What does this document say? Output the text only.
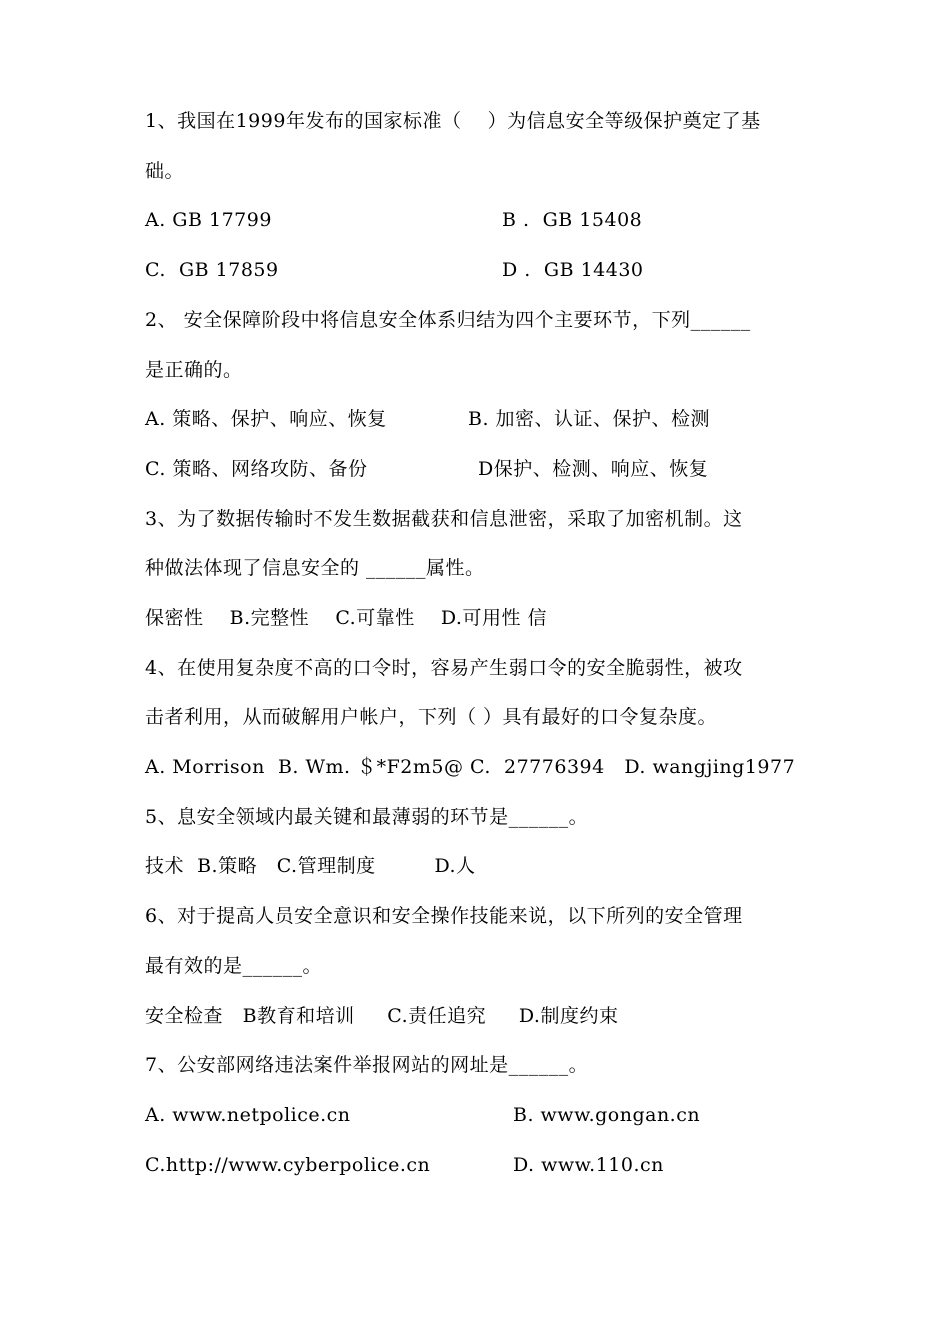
1、我国在1999年发布的国家标准（    ）为信息安全等级保护奠定了基
础。
A. GB 17799	B .  GB 15408
C.  GB 17859	D .  GB 14430
2、 安全保障阶段中将信息安全体系归结为四个主要环节，下列______
是正确的。
A. 策略、保护、响应、恢复	B. 加密、认证、保护、检测
C. 策略、网络攻防、备份	D保护、检测、响应、恢复
3、为了数据传输时不发生数据截获和信息泄密，采取了加密机制。这
种做法体现了信息安全的 ______属性。
保密性    B.完整性    C.可靠性    D.可用性 信
4、在使用复杂度不高的口令时，容易产生弱口令的安全脆弱性，被攻
击者利用，从而破解用户帐户，下列（ ）具有最好的口令复杂度。
A. Morrison  B. Wm. ＄*F2m5@ C.  27776394   D. wangjing1977
5、息安全领域内最关键和最薄弱的环节是______。
技术  B.策略   C.管理制度         D.人
6、对于提高人员安全意识和安全操作技能来说，以下所列的安全管理
最有效的是______。
安全检查   B教育和培训     C.责任追究     D.制度约束
7、公安部网络违法案件举报网站的网址是______。
A. www.netpolice.cn	B. www.gongan.cn
C.http://www.cyberpolice.cn	D. www.110.cn
